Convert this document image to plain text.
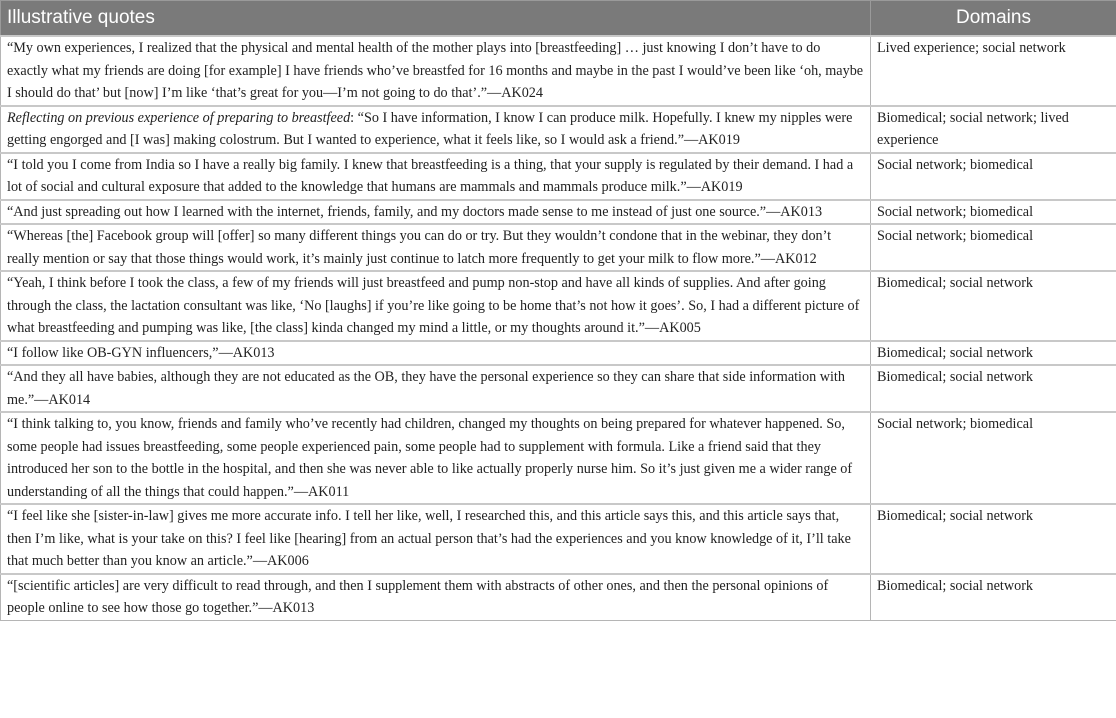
Illustrative quotes	Domains
“My own experiences, I realized that the physical and mental health of the mother plays into [breastfeeding] … just knowing I don’t have to do exactly what my friends are doing [for example] I have friends who’ve breastfed for 16 months and maybe in the past I would’ve been like ‘oh, maybe I should do that’ but [now] I’m like ‘that’s great for you—I’m not going to do that’.”—AK024	Lived experience; social network
Reflecting on previous experience of preparing to breastfeed: “So I have information, I know I can produce milk. Hopefully. I knew my nipples were getting engorged and [I was] making colostrum. But I wanted to experience, what it feels like, so I would ask a friend.”—AK019	Biomedical; social network; lived experience
“I told you I come from India so I have a really big family. I knew that breastfeeding is a thing, that your supply is regulated by their demand. I had a lot of social and cultural exposure that added to the knowledge that humans are mammals and mammals produce milk.”—AK019	Social network; biomedical
“And just spreading out how I learned with the internet, friends, family, and my doctors made sense to me instead of just one source.”—AK013	Social network; biomedical
“Whereas [the] Facebook group will [offer] so many different things you can do or try. But they wouldn’t condone that in the webinar, they don’t really mention or say that those things would work, it’s mainly just continue to latch more frequently to get your milk to flow more.”—AK012	Social network; biomedical
“Yeah, I think before I took the class, a few of my friends will just breastfeed and pump non-stop and have all kinds of supplies. And after going through the class, the lactation consultant was like, ‘No [laughs] if you’re like going to be home that’s not how it goes’. So, I had a different picture of what breastfeeding and pumping was like, [the class] kinda changed my mind a little, or my thoughts around it.”—AK005	Biomedical; social network
“I follow like OB-GYN influencers,”—AK013	Biomedical; social network
“And they all have babies, although they are not educated as the OB, they have the personal experience so they can share that side information with me.”—AK014	Biomedical; social network
“I think talking to, you know, friends and family who’ve recently had children, changed my thoughts on being prepared for whatever happened. So, some people had issues breastfeeding, some people experienced pain, some people had to supplement with formula. Like a friend said that they introduced her son to the bottle in the hospital, and then she was never able to like actually properly nurse him. So it’s just given me a wider range of understanding of all the things that could happen.”—AK011	Social network; biomedical
“I feel like she [sister-in-law] gives me more accurate info. I tell her like, well, I researched this, and this article says this, and this article says that, then I’m like, what is your take on this? I feel like [hearing] from an actual person that’s had the experiences and you know knowledge of it, I’ll take that much better than you know an article.”—AK006	Biomedical; social network
“[scientific articles] are very difficult to read through, and then I supplement them with abstracts of other ones, and then the personal opinions of people online to see how those go together.”—AK013	Biomedical; social network
